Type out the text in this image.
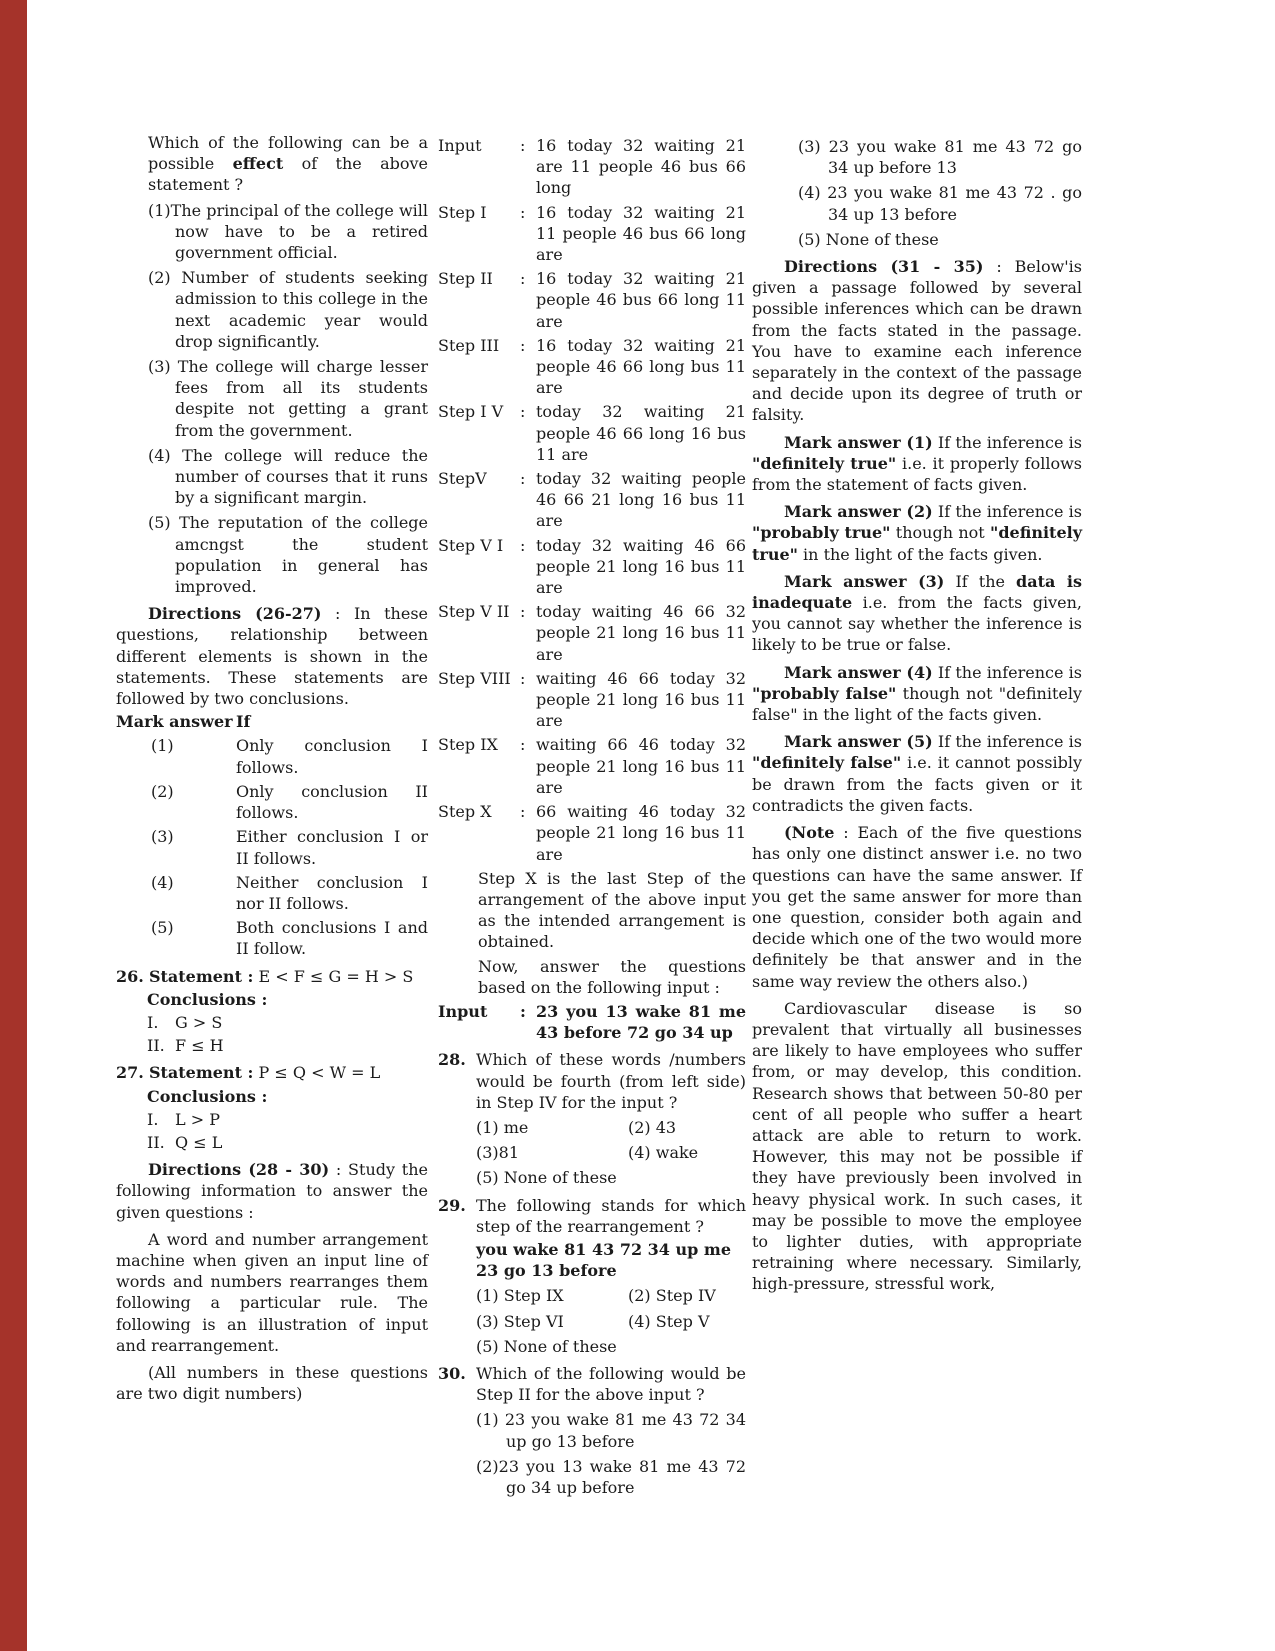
Which of the following can be a possible effect of the above statement ?

(1)The principal of the college will now have to be a retired government official.

(2) Number of students seeking admission to this college in the next academic year would drop significantly.

(3) The college will charge lesser fees from all its students despite not getting a grant from the government.

(4) The college will reduce the number of courses that it runs by a significant margin.

(5) The reputation of the college amcngst the student population in general has improved.

Directions (26-27) : In these questions, relationship between different elements is shown in the statements. These statements are followed by two conclusions.

Mark answer If
(1)	Only conclusion I follows.
(2)	Only conclusion II follows.
(3)	Either conclusion I or II follows.
(4)	Neither conclusion I nor II follows.
(5)	Both conclusions I and II follow.

26. Statement : E < F ≤ G = H > S

Conclusions :

I.	G > S
II. F ≤ H

27. Statement : P ≤ Q < W = L

Conclusions :

I.	L > P
II. Q ≤ L

Directions (28 - 30) : Study the following information to answer the given questions :

A word and number arrangement machine when given an input line of words and numbers rearranges them following a particular rule. The following is an illustration of input and rearrangement.

(All numbers in these questions are two digit numbers)

Input	: 16 today 32 waiting 21 are 11 people 46 bus 66 long
Step I	: 16 today 32 waiting 21 11 people 46 bus 66 long are
Step II	: 16 today 32 waiting 21 people 46 bus 66 long 11 are
Step III	: 16 today 32 waiting 21 people 46 66 long bus 11 are
Step I V	: today 32 waiting 21 people 46 66 long 16 bus 11 are
StepV	: today 32 waiting people 46 66 21 long 16 bus 11 are
Step V I	: today 32 waiting 46 66 people 21 long 16 bus 11 are
Step V II : today waiting 46 66 32 people 21 long 16 bus 11 are
Step VIII : waiting 46 66 today 32 people 21 long 16 bus 11 are
Step IX	: waiting 66 46 today 32 people 21 long 16 bus 11 are
Step X	: 66 waiting 46 today 32 people 21 long 16 bus 11 are

Step X is the last Step of the arrangement of the above input as the intended arrangement is obtained.

Now, answer the questions based on the following input :

Input	: 23 you 13 wake 81 me 43 before 72 go 34 up
28. Which of these words /numbers would be fourth (from left side) in Step IV for the input ?
(1) me	(2) 43
(3)81	(4) wake

(5) None of these

29. The following stands for which step of the rearrangement ?

you wake 81 43 72 34 up me 23 go 13 before

(1) Step IX	(2) Step IV
(3) Step VI	(4) Step V

(5) None of these

30. Which of the following would be Step II for the above input ?

(1) 23 you wake 81 me 43 72 34 up go 13 before

(2)23 you 13 wake 81 me 43 72 go 34 up before

(3) 23 you wake 81 me 43 72 go 34 up before 13

(4) 23 you wake 81 me 43 72 . go 34 up 13 before

(5) None of these

Directions (31 - 35) : Below'is given a passage followed by several possible inferences which can be drawn from the facts stated in the passage. You have to examine each inference separately in the context of the passage and decide upon its degree of truth or falsity.

Mark answer (1) If the inference is "definitely true" i.e. it properly follows from the statement of facts given.

Mark answer (2) If the inference is "probably true" though not "definitely true" in the light of the facts given.

Mark answer (3) If the data is inadequate i.e. from the facts given, you cannot say whether the inference is likely to be true or false.

Mark answer (4) If the inference is "probably false" though not "definitely false" in the light of the facts given.

Mark answer (5) If the inference is "definitely false" i.e. it cannot possibly be drawn from the facts given or it contradicts the given facts.

(Note : Each of the five questions has only one distinct answer i.e. no two questions can have the same answer. If you get the same answer for more than one question, consider both again and decide which one of the two would more definitely be that answer and in the same way review the others also.)

Cardiovascular disease is so prevalent that virtually all businesses are likely to have employees who suffer from, or may develop, this condition. Research shows that between 50-80 per cent of all people who suffer a heart attack are able to return to work. However, this may not be possible if they have previously been involved in heavy physical work. In such cases, it may be possible to move the employee to lighter duties, with appropriate retraining where necessary. Similarly, high-pressure, stressful work,
